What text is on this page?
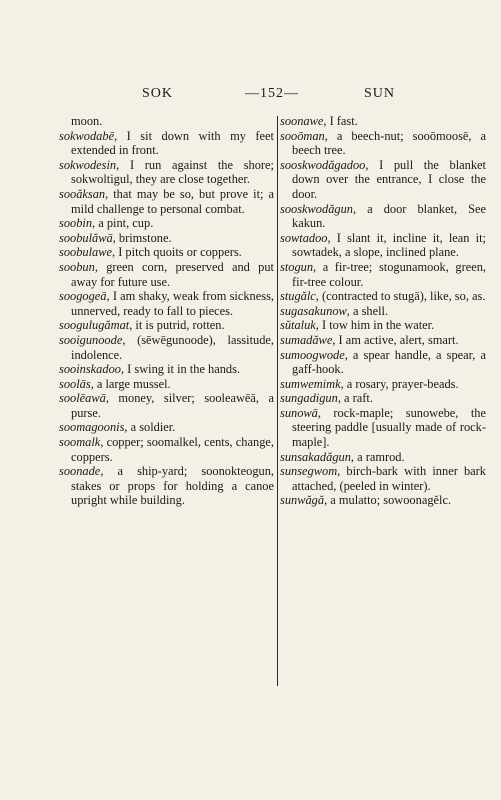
SOK	—152—	SUN

moon.

sokwodabē, I sit down with my feet extended in front.

sokwodesin, I run against the shore; sokwoltigul, they are close together.

sooăksan, that may be so, but prove it; a mild challenge to personal combat.

soobin, a pint, cup.

soobulăwā, brimstone.

soobulawe, I pitch quoits or coppers.

soobun, green corn, preserved and put away for future use.

soogogeā, I am shaky, weak from sickness, unnerved, ready to fall to pieces.

soogulugămat, it is putrid, rotten.

sooigunoode, (sēwēgunoode), lassitude, indolence.

sooinskadoo, I swing it in the hands.

soolās, a large mussel.

soolēawā, money, silver; sooleawēā, a purse.

soomagoonis, a soldier.

soomalk, copper; soomalkel, cents, change, coppers.

soonade, a ship-yard; soonokteogun, stakes or props for holding a canoe upright while building.

soonawe, I fast.

sooōman, a beech-nut; sooōmoosē, a beech tree.

sooskwodăgadoo, I pull the blanket down over the entrance, I close the door.

sooskwodăgun, a door blanket, See kakun.

sowtadoo, I slant it, incline it, lean it; sowtadek, a slope, inclined plane.

stogun, a fir-tree; stogunamook, green, fir-tree colour.

stugălc, (contracted to stugā), like, so, as.

sugasakunow, a shell.

sŭtaluk, I tow him in the water.

sumadăwe, I am active, alert, smart.

sumoogwode, a spear handle, a spear, a gaff-hook.

sumwemimk, a rosary, prayer-beads.

sungadigun, a raft.

sunowā, rock-maple; sunowebe, the steering paddle [usually made of rock-maple].

sunsakadăgun, a ramrod.

sunsegwom, birch-bark with inner bark attached, (peeled in winter).

sunwăgă, a mulatto; sowoonagĕlc.
